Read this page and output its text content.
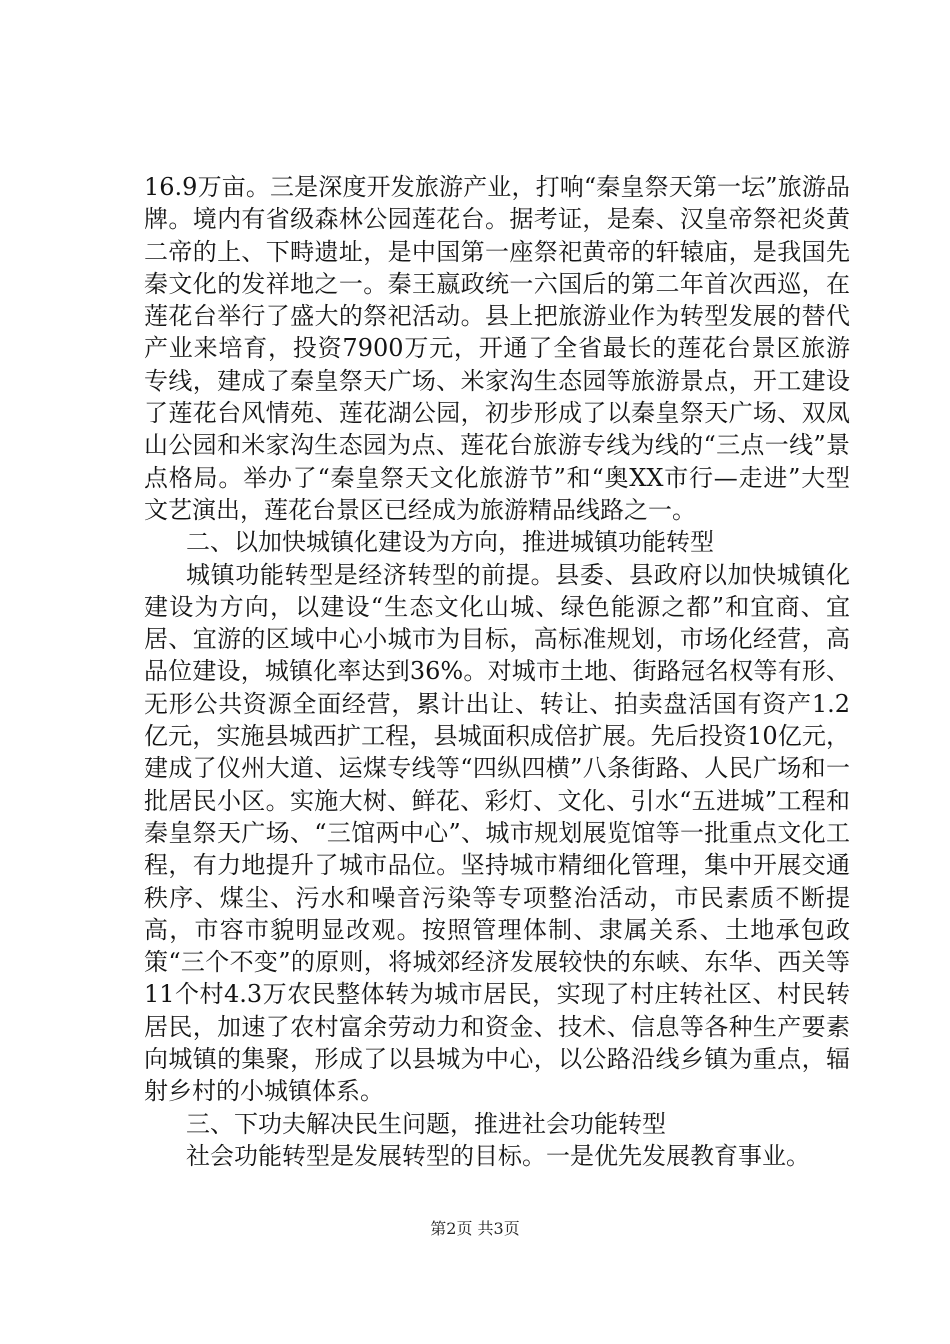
16.9万亩。三是深度开发旅游产业，打响“秦皇祭天第一坛”旅游品牌。境内有省级森林公园莲花台。据考证，是秦、汉皇帝祭祀炎黄二帝的上、下畤遗址，是中国第一座祭祀黄帝的轩辕庙，是我国先秦文化的发祥地之一。秦王嬴政统一六国后的第二年首次西巡，在莲花台举行了盛大的祭祀活动。县上把旅游业作为转型发展的替代产业来培育，投资7900万元，开通了全省最长的莲花台景区旅游专线，建成了秦皇祭天广场、米家沟生态园等旅游景点，开工建设了莲花台风情苑、莲花湖公园，初步形成了以秦皇祭天广场、双凤山公园和米家沟生态园为点、莲花台旅游专线为线的“三点一线”景点格局。举办了“秦皇祭天文化旅游节”和“奥XX市行—走进”大型文艺演出，莲花台景区已经成为旅游精品线路之一。

二、以加快城镇化建设为方向，推进城镇功能转型

城镇功能转型是经济转型的前提。县委、县政府以加快城镇化建设为方向，以建设“生态文化山城、绿色能源之都”和宜商、宜居、宜游的区域中心小城市为目标，高标准规划，市场化经营，高品位建设，城镇化率达到36%。对城市土地、街路冠名权等有形、无形公共资源全面经营，累计出让、转让、拍卖盘活国有资产1.2亿元，实施县城西扩工程，县城面积成倍扩展。先后投资10亿元，建成了仪州大道、运煤专线等“四纵四横”八条街路、人民广场和一批居民小区。实施大树、鲜花、彩灯、文化、引水“五进城”工程和秦皇祭天广场、“三馆两中心”、城市规划展览馆等一批重点文化工程，有力地提升了城市品位。坚持城市精细化管理，集中开展交通秩序、煤尘、污水和噪音污染等专项整治活动，市民素质不断提高，市容市貌明显改观。按照管理体制、隶属关系、土地承包政策“三个不变”的原则，将城郊经济发展较快的东峡、东华、西关等11个村4.3万农民整体转为城市居民，实现了村庄转社区、村民转居民，加速了农村富余劳动力和资金、技术、信息等各种生产要素向城镇的集聚，形成了以县城为中心，以公路沿线乡镇为重点，辐射乡村的小城镇体系。

三、下功夫解决民生问题，推进社会功能转型

社会功能转型是发展转型的目标。一是优先发展教育事业。

第2页 共3页
